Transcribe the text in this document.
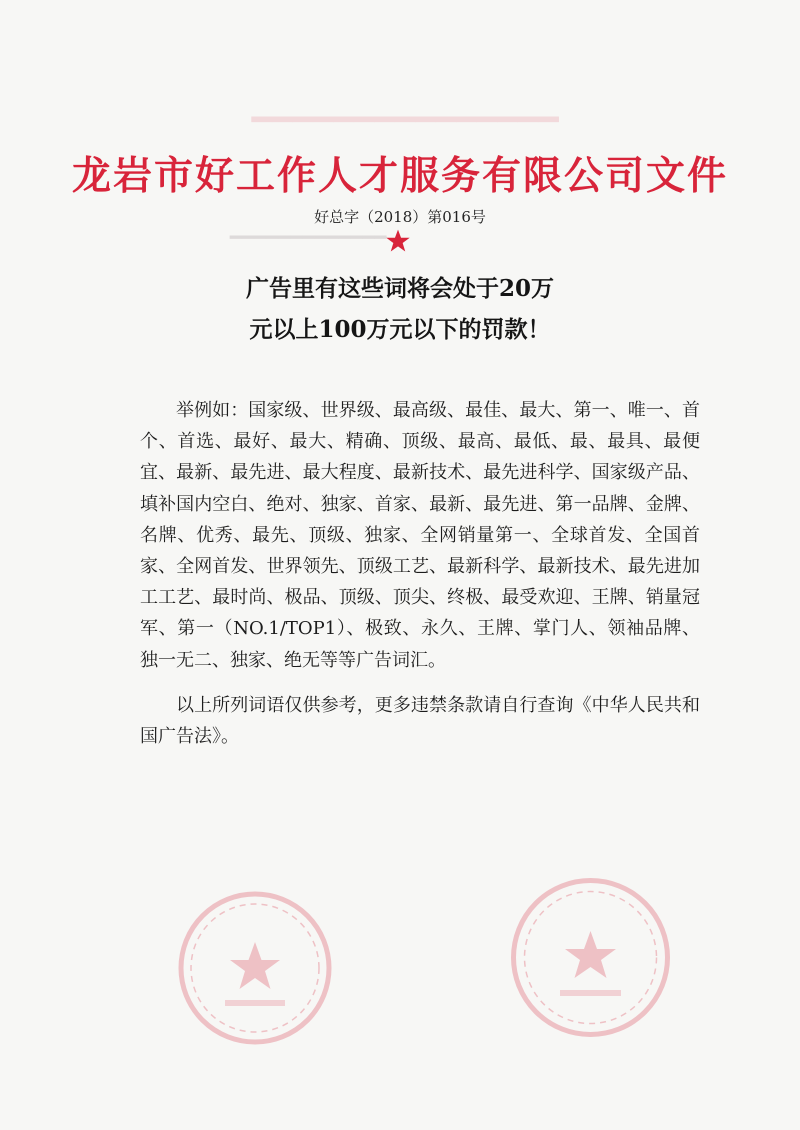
━━━━━━━━━━━━━━━
━━━━━━━━━━━━━
龙岩市好工作人才服务有限公司文件
好总字（2018）第016号
广告里有这些词将会处于20万
元以上100万元以下的罚款！

举例如：国家级、世界级、最高级、最佳、最大、第一、唯一、首个、首选、最好、最大、精确、顶级、最高、最低、最、最具、最便宜、最新、最先进、最大程度、最新技术、最先进科学、国家级产品、填补国内空白、绝对、独家、首家、最新、最先进、第一品牌、金牌、名牌、优秀、最先、顶级、独家、全网销量第一、全球首发、全国首家、全网首发、世界领先、顶级工艺、最新科学、最新技术、最先进加工工艺、最时尚、极品、顶级、顶尖、终极、最受欢迎、王牌、销量冠军、第一（NO.1/TOP1）、极致、永久、王牌、掌门人、领袖品牌、独一无二、独家、绝无等等广告词汇。

以上所列词语仅供参考，更多违禁条款请自行查询《中华人民共和国广告法》。
